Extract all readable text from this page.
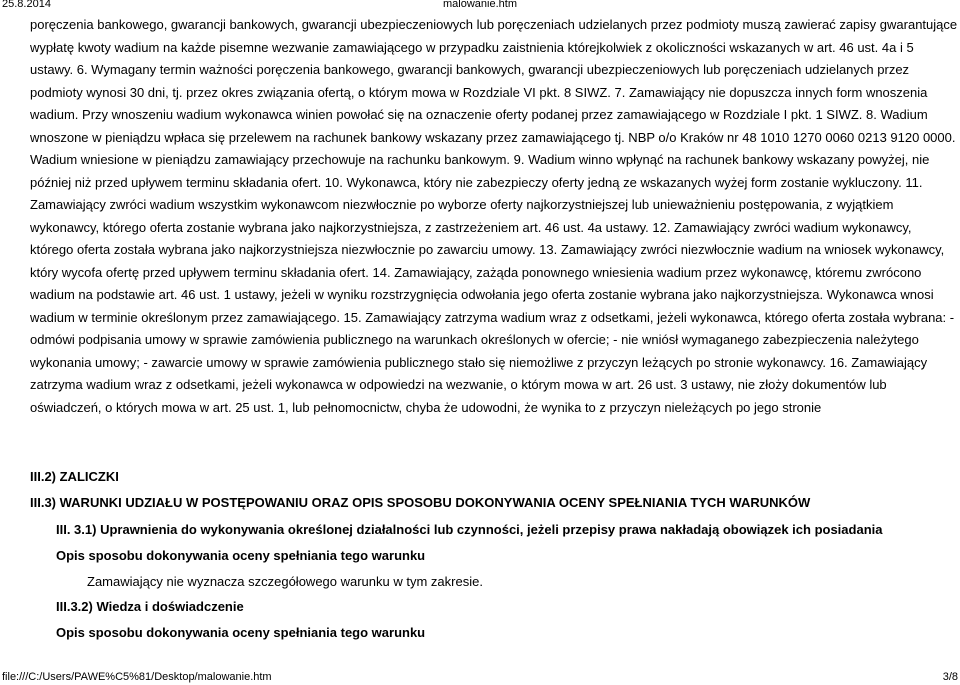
25.8.2014	malowanie.htm

poręczenia bankowego, gwarancji bankowych, gwarancji ubezpieczeniowych lub poręczeniach udzielanych przez podmioty muszą zawierać zapisy gwarantujące wypłatę kwoty wadium na każde pisemne wezwanie zamawiającego w przypadku zaistnienia którejkolwiek z okoliczności wskazanych w art. 46 ust. 4a i 5 ustawy. 6. Wymagany termin ważności poręczenia bankowego, gwarancji bankowych, gwarancji ubezpieczeniowych lub poręczeniach udzielanych przez podmioty wynosi 30 dni, tj. przez okres związania ofertą, o którym mowa w Rozdziale VI pkt. 8 SIWZ. 7. Zamawiający nie dopuszcza innych form wnoszenia wadium. Przy wnoszeniu wadium wykonawca winien powołać się na oznaczenie oferty podanej przez zamawiającego w Rozdziale I pkt. 1 SIWZ. 8. Wadium wnoszone w pieniądzu wpłaca się przelewem na rachunek bankowy wskazany przez zamawiającego tj. NBP o/o Kraków nr 48 1010 1270 0060 0213 9120 0000. Wadium wniesione w pieniądzu zamawiający przechowuje na rachunku bankowym. 9. Wadium winno wpłynąć na rachunek bankowy wskazany powyżej, nie później niż przed upływem terminu składania ofert. 10. Wykonawca, który nie zabezpieczy oferty jedną ze wskazanych wyżej form zostanie wykluczony. 11. Zamawiający zwróci wadium wszystkim wykonawcom niezwłocznie po wyborze oferty najkorzystniejszej lub unieważnieniu postępowania, z wyjątkiem wykonawcy, którego oferta zostanie wybrana jako najkorzystniejsza, z zastrzeżeniem art. 46 ust. 4a ustawy. 12. Zamawiający zwróci wadium wykonawcy, którego oferta została wybrana jako najkorzystniejsza niezwłocznie po zawarciu umowy. 13. Zamawiający zwróci niezwłocznie wadium na wniosek wykonawcy, który wycofa ofertę przed upływem terminu składania ofert. 14. Zamawiający, zażąda ponownego wniesienia wadium przez wykonawcę, któremu zwrócono wadium na podstawie art. 46 ust. 1 ustawy, jeżeli w wyniku rozstrzygnięcia odwołania jego oferta zostanie wybrana jako najkorzystniejsza. Wykonawca wnosi wadium w terminie określonym przez zamawiającego. 15. Zamawiający zatrzyma wadium wraz z odsetkami, jeżeli wykonawca, którego oferta została wybrana: - odmówi podpisania umowy w sprawie zamówienia publicznego na warunkach określonych w ofercie; - nie wniósł wymaganego zabezpieczenia należytego wykonania umowy; - zawarcie umowy w sprawie zamówienia publicznego stało się niemożliwe z przyczyn leżących po stronie wykonawcy. 16. Zamawiający zatrzyma wadium wraz z odsetkami, jeżeli wykonawca w odpowiedzi na wezwanie, o którym mowa w art. 26 ust. 3 ustawy, nie złoży dokumentów lub oświadczeń, o których mowa w art. 25 ust. 1, lub pełnomocnictw, chyba że udowodni, że wynika to z przyczyn nieleżących po jego stronie

III.2) ZALICZKI

III.3) WARUNKI UDZIAŁU W POSTĘPOWANIU ORAZ OPIS SPOSOBU DOKONYWANIA OCENY SPEŁNIANIA TYCH WARUNKÓW

III. 3.1) Uprawnienia do wykonywania określonej działalności lub czynności, jeżeli przepisy prawa nakładają obowiązek ich posiadania

Opis sposobu dokonywania oceny spełniania tego warunku

Zamawiający nie wyznacza szczegółowego warunku w tym zakresie.

III.3.2) Wiedza i doświadczenie

Opis sposobu dokonywania oceny spełniania tego warunku

file:///C:/Users/PAWE%C5%81/Desktop/malowanie.htm	3/8
